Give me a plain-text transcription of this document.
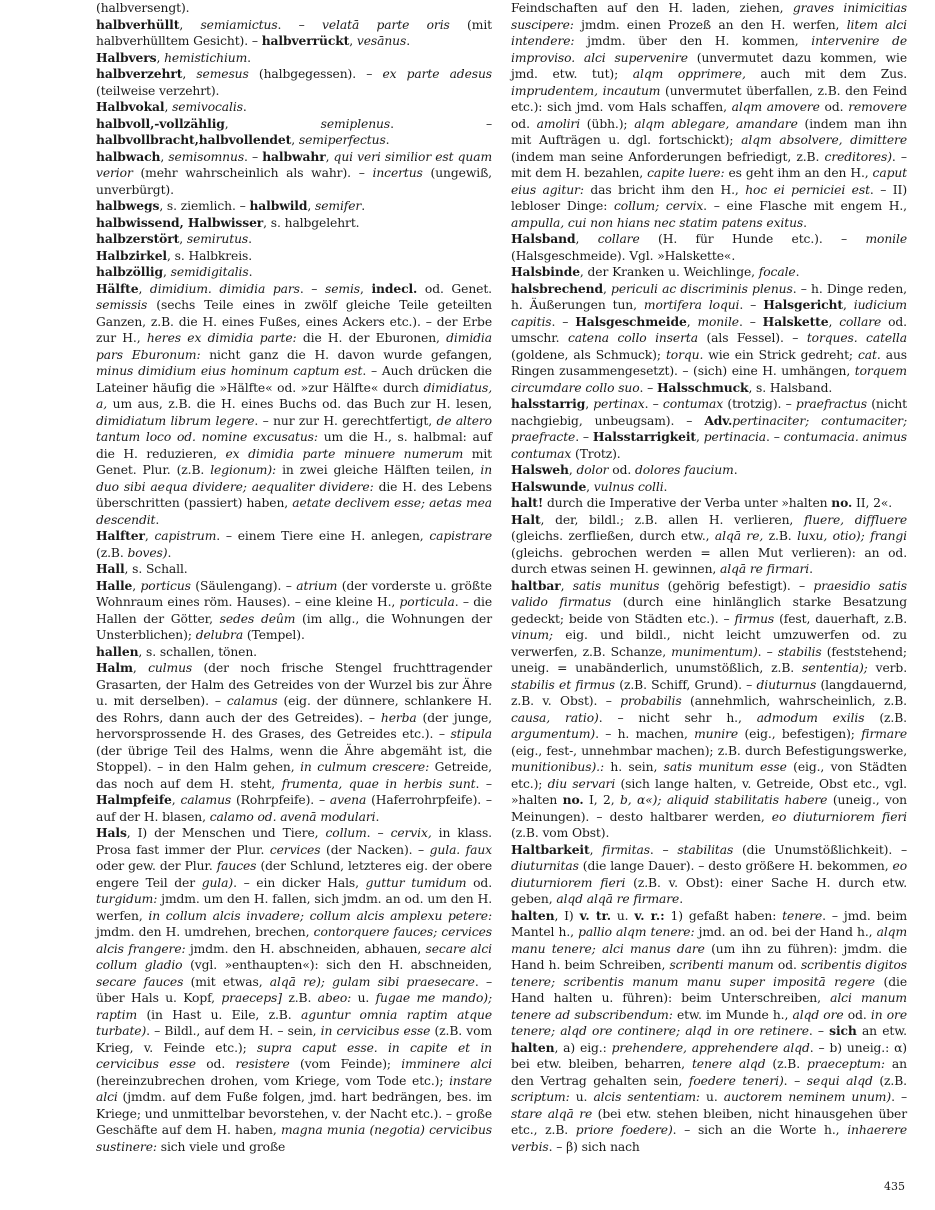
(halbversengt).

halbverhüllt, semiamictus. – velatā parte oris (mit halbverhülltem Gesicht). – halbverrückt, vesānus.

Halbvers, hemistichium.

halbverzehrt, semesus (halbgegessen). – ex parte adesus (teilweise verzehrt).

Halbvokal, semivocalis.

halbvoll,-vollzählig, semiplenus. – halbvollbracht,halbvollendet, semiperfectus.

halbwach, semisomnus. – halbwahr, qui veri similior est quam verior (mehr wahrscheinlich als wahr). – incertus (ungewiß, unverbürgt).

halbwegs, s. ziemlich. – halbwild, semifer.

halbwissend, Halbwisser, s. halbgelehrt.

halbzerstört, semirutus.

Halbzirkel, s. Halbkreis.

halbzöllig, semidigitalis.

Hälfte, dimidium. dimidia pars. – semis, indecl. od. Genet. semissis (sechs Teile eines in zwölf gleiche Teile geteilten Ganzen, z.B. die H. eines Fußes, eines Ackers etc.). – der Erbe zur H., heres ex dimidia parte: die H. der Eburonen, dimidia pars Eburonum: nicht ganz die H. davon wurde gefangen, minus dimidium eius hominum captum est. – Auch drücken die Lateiner häufig die »Hälfte« od. »zur Hälfte« durch dimidiatus, a, um aus, z.B. die H. eines Buchs od. das Buch zur H. lesen, dimidiatum librum legere. – nur zur H. gerechtfertigt, de altero tantum loco od. nomine excusatus: um die H., s. halbmal: auf die H. reduzieren, ex dimidia parte minuere numerum mit Genet. Plur. (z.B. legionum): in zwei gleiche Hälften teilen, in duo sibi aequa dividere; aequaliter dividere: die H. des Lebens überschritten (passiert) haben, aetate declivem esse; aetas mea descendit.

Halfter, capistrum. – einem Tiere eine H. anlegen, capistrare (z.B. boves).

Hall, s. Schall.

Halle, porticus (Säulengang). – atrium (der vorderste u. größte Wohnraum eines röm. Hauses). – eine kleine H., porticula. – die Hallen der Götter, sedes deûm (im allg., die Wohnungen der Unsterblichen); delubra (Tempel).

hallen, s. schallen, tönen.

Halm, culmus (der noch frische Stengel fruchttragender Grasarten, der Halm des Getreides von der Wurzel bis zur Ähre u. mit derselben). – calamus (eig. der dünnere, schlankere H. des Rohrs, dann auch der des Getreides). – herba (der junge, hervorsprossende H. des Grases, des Getreides etc.). – stipula (der übrige Teil des Halms, wenn die Ähre abgemäht ist, die Stoppel). – in den Halm gehen, in culmum crescere: Getreide, das noch auf dem H. steht, frumenta, quae in herbis sunt. – Halmpfeife, calamus (Rohrpfeife). – avena (Haferrohrpfeife). – auf der H. blasen, calamo od. avenā modulari.

Hals, I) der Menschen und Tiere, collum. – cervix, in klass. Prosa fast immer der Plur. cervices (der Nacken). – gula. faux oder gew. der Plur. fauces (der Schlund, letzteres eig. der obere engere Teil der gula). – ein dicker Hals, guttur tumidum od. turgidum: jmdm. um den H. fallen, sich jmdm. an od. um den H. werfen, in collum alcis invadere; collum alcis amplexu petere: jmdm. den H. umdrehen, brechen, contorquere fauces; cervices alcis frangere: jmdm. den H. abschneiden, abhauen, secare alci collum gladio (vgl. »enthaupten«): sich den H. abschneiden, secare fauces (mit etwas, alqā re); gulam sibi praesecare. – über Hals u. Kopf, praeceps] z.B. abeo: u. fugae me mando); raptim (in Hast u. Eile, z.B. aguntur omnia raptim atque turbate). – Bildl., auf dem H. – sein, in cervicibus esse (z.B. vom Krieg, v. Feinde etc.); supra caput esse. in capite et in cervicibus esse od. resistere (vom Feinde); imminere alci (hereinzubrechen drohen, vom Kriege, vom Tode etc.); instare alci (jmdm. auf dem Fuße folgen, jmd. hart bedrängen, bes. im Kriege; und unmittelbar bevorstehen, v. der Nacht etc.). – große Geschäfte auf dem H. haben, magna munia (negotia) cervicibus sustinere: sich viele und große

Feindschaften auf den H. laden, ziehen, graves inimicitias suscipere: jmdm. einen Prozeß an den H. werfen, litem alci intendere: jmdm. über den H. kommen, intervenire de improviso. alci supervenire (unvermutet dazu kommen, wie jmd. etw. tut); alqm opprimere, auch mit dem Zus. imprudentem, incautum (unvermutet überfallen, z.B. den Feind etc.): sich jmd. vom Hals schaffen, alqm amovere od. removere od. amoliri (übh.); alqm ablegare, amandare (indem man ihn mit Aufträgen u. dgl. fortschickt); alqm absolvere, dimittere (indem man seine Anforderungen befriedigt, z.B. creditores). – mit dem H. bezahlen, capite luere: es geht ihm an den H., caput eius agitur: das bricht ihm den H., hoc ei perniciei est. – II) lebloser Dinge: collum; cervix. – eine Flasche mit engem H., ampulla, cui non hians nec statim patens exitus.

Halsband, collare (H. für Hunde etc.). – monile (Halsgeschmeide). Vgl. »Halskette«.

Halsbinde, der Kranken u. Weichlinge, focale.

halsbrechend, periculi ac discriminis plenus. – h. Dinge reden, h. Äußerungen tun, mortifera loqui. – Halsgericht, iudicium capitis. – Halsgeschmeide, monile. – Halskette, collare od. umschr. catena collo inserta (als Fessel). – torques. catella (goldene, als Schmuck); torqu. wie ein Strick gedreht; cat. aus Ringen zusammengesetzt). – (sich) eine H. umhängen, torquem circumdare collo suo. – Halsschmuck, s. Halsband.

halsstarrig, pertinax. – contumax (trotzig). – praefractus (nicht nachgiebig, unbeugsam). – Adv.pertinaciter; contumaciter; praefracte. – Halsstarrigkeit, pertinacia. – contumacia. animus contumax (Trotz).

Halsweh, dolor od. dolores faucium.

Halswunde, vulnus colli.

halt! durch die Imperative der Verba unter »halten no. II, 2«.

Halt, der, bildl.; z.B. allen H. verlieren, fluere, diffluere (gleichs. zerfließen, durch etw., alqā re, z.B. luxu, otio); frangi (gleichs. gebrochen werden = allen Mut verlieren): an od. durch etwas seinen H. gewinnen, alqā re firmari.

haltbar, satis munitus (gehörig befestigt). – praesidio satis valido firmatus (durch eine hinlänglich starke Besatzung gedeckt; beide von Städten etc.). – firmus (fest, dauerhaft, z.B. vinum; eig. und bildl., nicht leicht umzuwerfen od. zu verwerfen, z.B. Schanze, munimentum). – stabilis (feststehend; uneig. = unabänderlich, unumstößlich, z.B. sententia); verb. stabilis et firmus (z.B. Schiff, Grund). – diuturnus (langdauernd, z.B. v. Obst). – probabilis (annehmlich, wahrscheinlich, z.B. causa, ratio). – nicht sehr h., admodum exilis (z.B. argumentum). – h. machen, munire (eig., befestigen); firmare (eig., fest-, unnehmbar machen); z.B. durch Befestigungswerke, munitionibus).: h. sein, satis munitum esse (eig., von Städten etc.); diu servari (sich lange halten, v. Getreide, Obst etc., vgl. »halten no. I, 2, b, α«); aliquid stabilitatis habere (uneig., von Meinungen). – desto haltbarer werden, eo diuturniorem fieri (z.B. vom Obst).

Haltbarkeit, firmitas. – stabilitas (die Unumstößlichkeit). – diuturnitas (die lange Dauer). – desto größere H. bekommen, eo diuturniorem fieri (z.B. v. Obst): einer Sache H. durch etw. geben, alqd alqā re firmare.

halten, I) v. tr. u. v. r.: 1) gefaßt haben: tenere. – jmd. beim Mantel h., pallio alqm tenere: jmd. an od. bei der Hand h., alqm manu tenere; alci manus dare (um ihn zu führen): jmdm. die Hand h. beim Schreiben, scribenti manum od. scribentis digitos tenere; scribentis manum manu super impositā regere (die Hand halten u. führen): beim Unterschreiben, alci manum tenere ad subscribendum: etw. im Munde h., alqd ore od. in ore tenere; alqd ore continere; alqd in ore retinere. – sich an etw. halten, a) eig.: prehendere, apprehendere alqd. – b) uneig.: α) bei etw. bleiben, beharren, tenere alqd (z.B. praeceptum: an den Vertrag gehalten sein, foedere teneri). – sequi alqd (z.B. scriptum: u. alcis sententiam: u. auctorem neminem unum). – stare alqā re (bei etw. stehen bleiben, nicht hinausgehen über etc., z.B. priore foedere). – sich an die Worte h., inhaerere verbis. – β) sich nach

435
